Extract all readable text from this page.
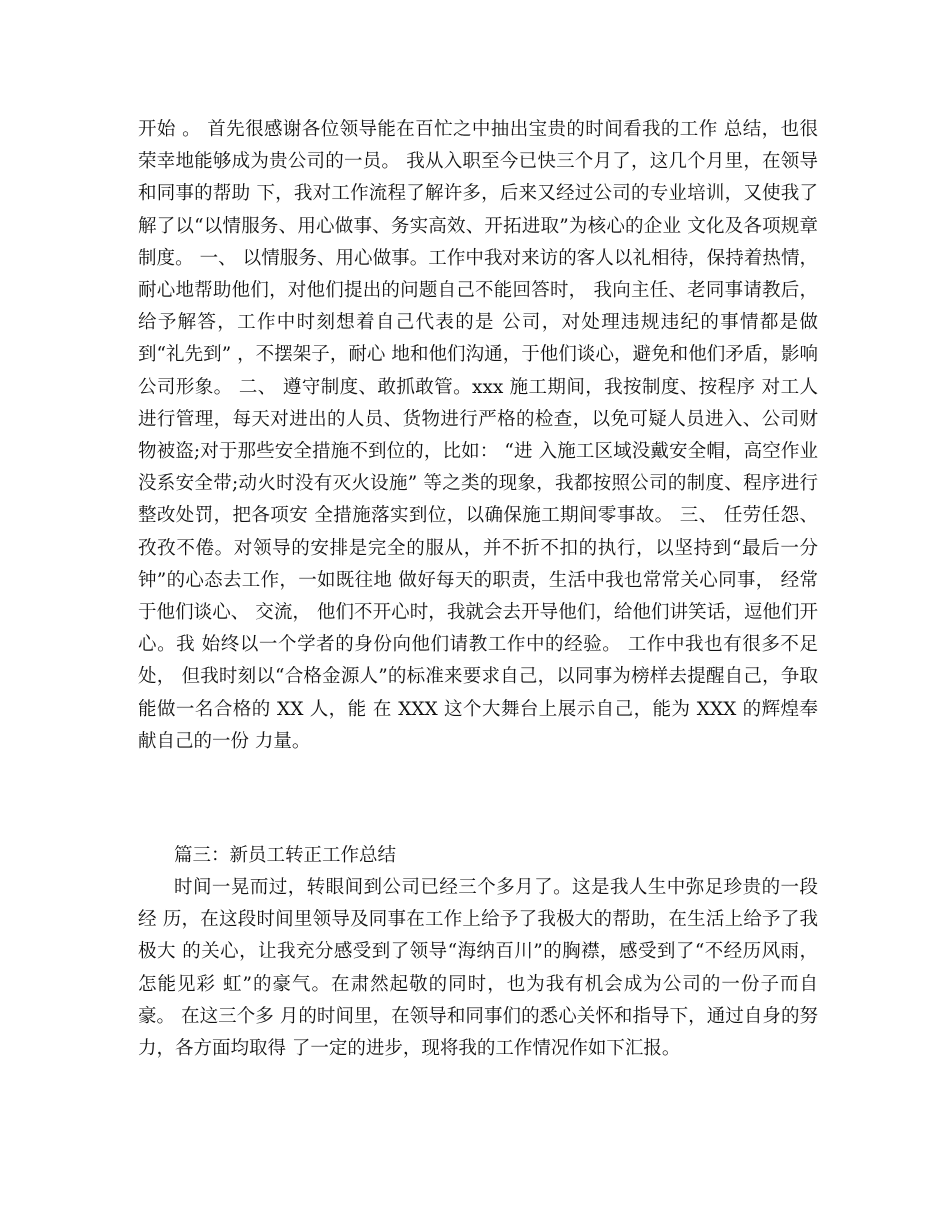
开始 。 首先很感谢各位领导能在百忙之中抽出宝贵的时间看我的工作 总结，也很荣幸地能够成为贵公司的一员。 我从入职至今已快三个月了，这几个月里，在领导和同事的帮助 下，我对工作流程了解许多，后来又经过公司的专业培训，又使我了 解了以“以情服务、用心做事、务实高效、开拓进取”为核心的企业 文化及各项规章制度。 一、 以情服务、用心做事。工作中我对来访的客人以礼相待，保持着热情，耐心地帮助他们，对他们提出的问题自己不能回答时， 我向主任、老同事请教后，给予解答，工作中时刻想着自己代表的是 公司，对处理违规违纪的事情都是做到“礼先到” ，不摆架子，耐心 地和他们沟通，于他们谈心，避免和他们矛盾，影响公司形象。 二、 遵守制度、敢抓敢管。xxx 施工期间，我按制度、按程序 对工人进行管理，每天对进出的人员、货物进行严格的检查，以免可疑人员进入、公司财物被盗;对于那些安全措施不到位的，比如： “进 入施工区域没戴安全帽，高空作业没系安全带;动火时没有灭火设施” 等之类的现象，我都按照公司的制度、程序进行整改处罚，把各项安 全措施落实到位，以确保施工期间零事故。 三、 任劳任怨、孜孜不倦。对领导的安排是完全的服从，并不折不扣的执行，以坚持到“最后一分钟”的心态去工作，一如既往地 做好每天的职责，生活中我也常常关心同事， 经常于他们谈心、 交流， 他们不开心时，我就会去开导他们，给他们讲笑话，逗他们开心。我 始终以一个学者的身份向他们请教工作中的经验。 工作中我也有很多不足处， 但我时刻以“合格金源人”的标准来要求自己，以同事为榜样去提醒自己，争取能做一名合格的 XX 人，能 在 XXX 这个大舞台上展示自己，能为 XXX 的辉煌奉献自己的一份 力量。

篇三：新员工转正工作总结

时间一晃而过，转眼间到公司已经三个多月了。这是我人生中弥足珍贵的一段经 历，在这段时间里领导及同事在工作上给予了我极大的帮助，在生活上给予了我极大 的关心，让我充分感受到了领导“海纳百川”的胸襟，感受到了“不经历风雨，怎能见彩 虹”的豪气。在肃然起敬的同时，也为我有机会成为公司的一份子而自豪。 在这三个多 月的时间里，在领导和同事们的悉心关怀和指导下，通过自身的努力，各方面均取得 了一定的进步，现将我的工作情况作如下汇报。
